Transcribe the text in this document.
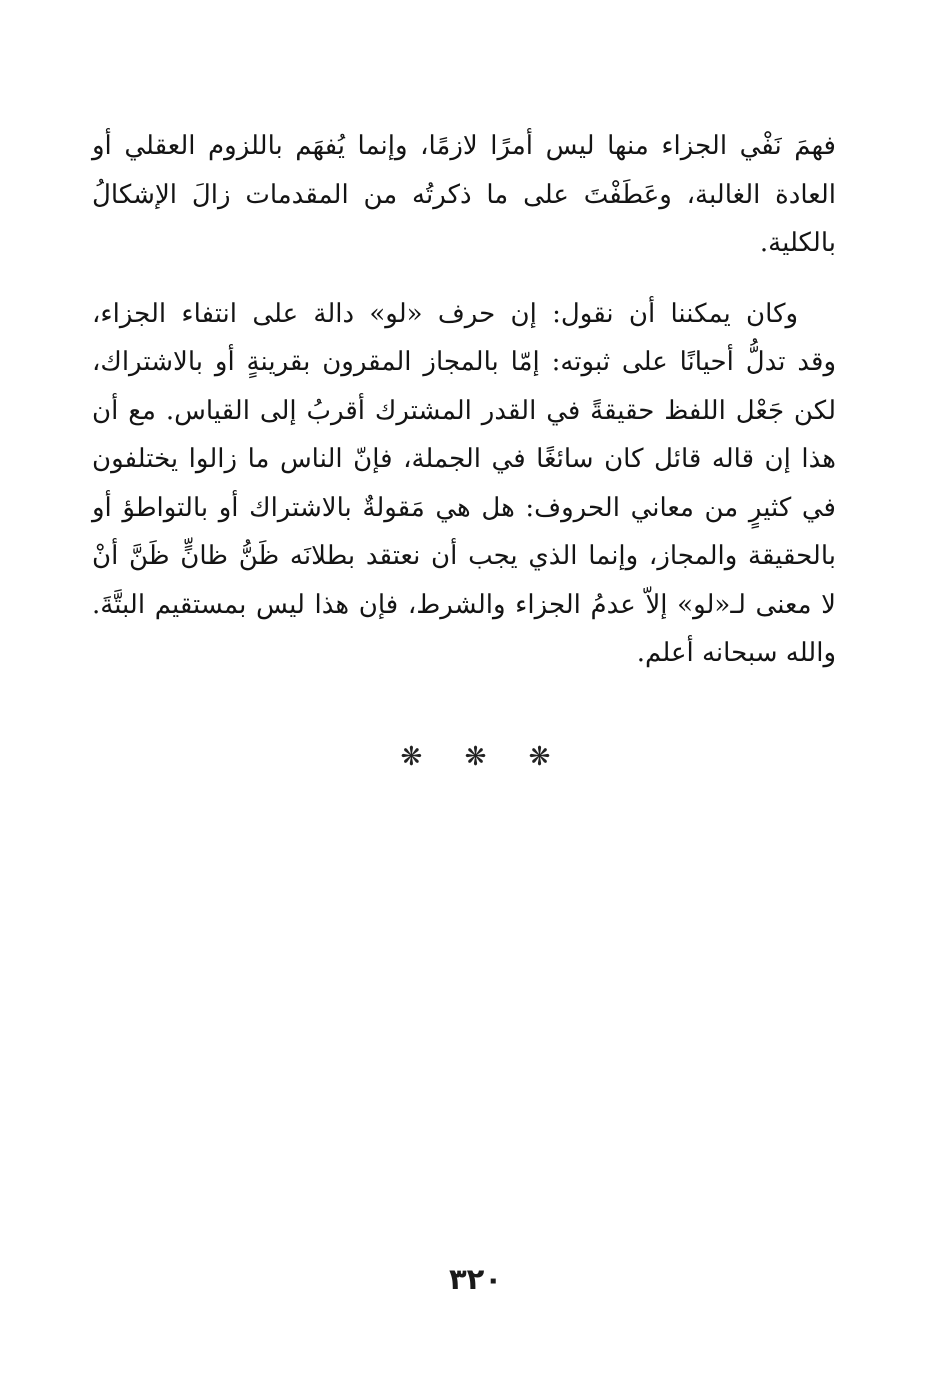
فهمَ نَفْي الجزاء منها ليس أمرًا لازمًا، وإنما يُفهَم باللزوم العقلي أو
العادة الغالبة، وعَطَفْتَ على ما ذكرتُه من المقدمات زالَ الإشكالُ
بالكلية.
وكان يمكننا أن نقول: إن حرف «لو» دالة على انتفاء الجزاء،
وقد تدلُّ أحيانًا على ثبوته: إمّا بالمجاز المقرون بقرينةٍ أو بالاشتراك،
لكن جَعْل اللفظ حقيقةً في القدر المشترك أقربُ إلى القياس. مع أن
هذا إن قاله قائل كان سائغًا في الجملة، فإنّ الناس ما زالوا يختلفون
في كثيرٍ من معاني الحروف: هل هي مَقولةٌ بالاشتراك أو بالتواطؤ أو
بالحقيقة والمجاز، وإنما الذي يجب أن نعتقد بطلانَه ظَنُّ ظانٍّ ظَنَّ أنْ
لا معنى لـ«لو» إلاّ عدمُ الجزاء والشرط، فإن هذا ليس بمستقيم البتَّةَ.
والله سبحانه أعلم.
❋ ❋ ❋
٣٢٠
